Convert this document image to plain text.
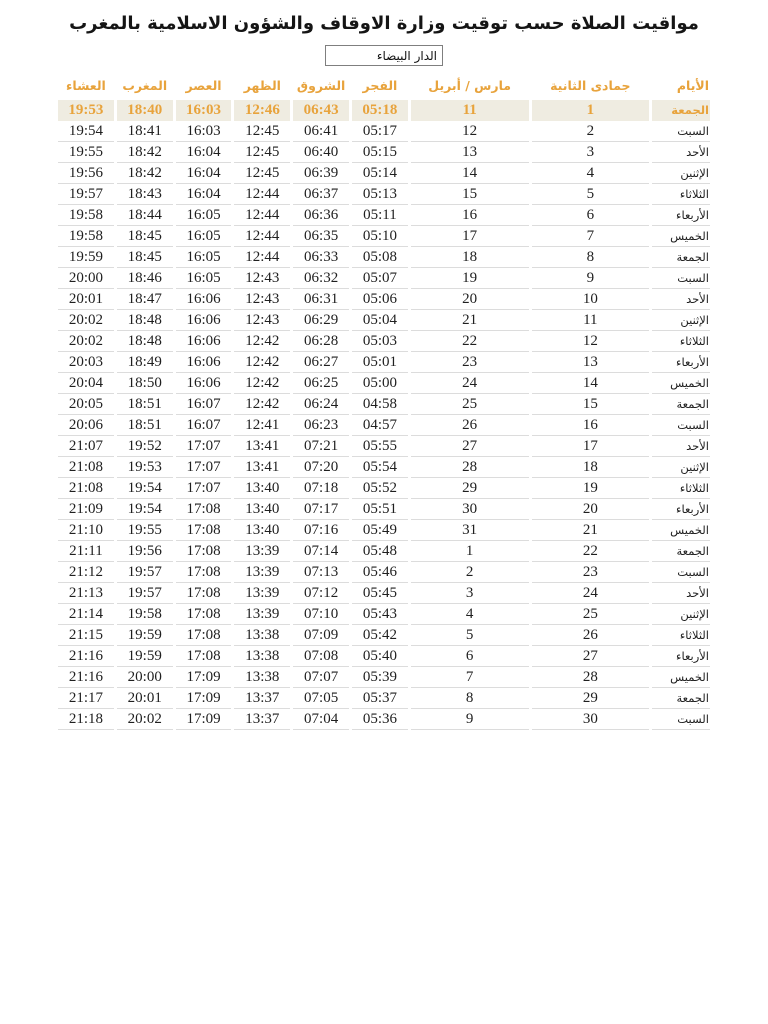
مواقيت الصلاة حسب توقيت وزارة الاوقاف والشؤون الاسلامية بالمغرب
الدار البيضاء
الأيام	جمادى الثانية	مارس / أبريل	الفجر	الشروق	الظهر	العصر	المغرب	العشاء
الجمعة	1	11	05:18	06:43	12:46	16:03	18:40	19:53
السبت	2	12	05:17	06:41	12:45	16:03	18:41	19:54
الأحد	3	13	05:15	06:40	12:45	16:04	18:42	19:55
الإثنين	4	14	05:14	06:39	12:45	16:04	18:42	19:56
الثلاثاء	5	15	05:13	06:37	12:44	16:04	18:43	19:57
الأربعاء	6	16	05:11	06:36	12:44	16:05	18:44	19:58
الخميس	7	17	05:10	06:35	12:44	16:05	18:45	19:58
الجمعة	8	18	05:08	06:33	12:44	16:05	18:45	19:59
السبت	9	19	05:07	06:32	12:43	16:05	18:46	20:00
الأحد	10	20	05:06	06:31	12:43	16:06	18:47	20:01
الإثنين	11	21	05:04	06:29	12:43	16:06	18:48	20:02
الثلاثاء	12	22	05:03	06:28	12:42	16:06	18:48	20:02
الأربعاء	13	23	05:01	06:27	12:42	16:06	18:49	20:03
الخميس	14	24	05:00	06:25	12:42	16:06	18:50	20:04
الجمعة	15	25	04:58	06:24	12:42	16:07	18:51	20:05
السبت	16	26	04:57	06:23	12:41	16:07	18:51	20:06
الأحد	17	27	05:55	07:21	13:41	17:07	19:52	21:07
الإثنين	18	28	05:54	07:20	13:41	17:07	19:53	21:08
الثلاثاء	19	29	05:52	07:18	13:40	17:07	19:54	21:08
الأربعاء	20	30	05:51	07:17	13:40	17:08	19:54	21:09
الخميس	21	31	05:49	07:16	13:40	17:08	19:55	21:10
الجمعة	22	1	05:48	07:14	13:39	17:08	19:56	21:11
السبت	23	2	05:46	07:13	13:39	17:08	19:57	21:12
الأحد	24	3	05:45	07:12	13:39	17:08	19:57	21:13
الإثنين	25	4	05:43	07:10	13:39	17:08	19:58	21:14
الثلاثاء	26	5	05:42	07:09	13:38	17:08	19:59	21:15
الأربعاء	27	6	05:40	07:08	13:38	17:08	19:59	21:16
الخميس	28	7	05:39	07:07	13:38	17:09	20:00	21:16
الجمعة	29	8	05:37	07:05	13:37	17:09	20:01	21:17
السبت	30	9	05:36	07:04	13:37	17:09	20:02	21:18
